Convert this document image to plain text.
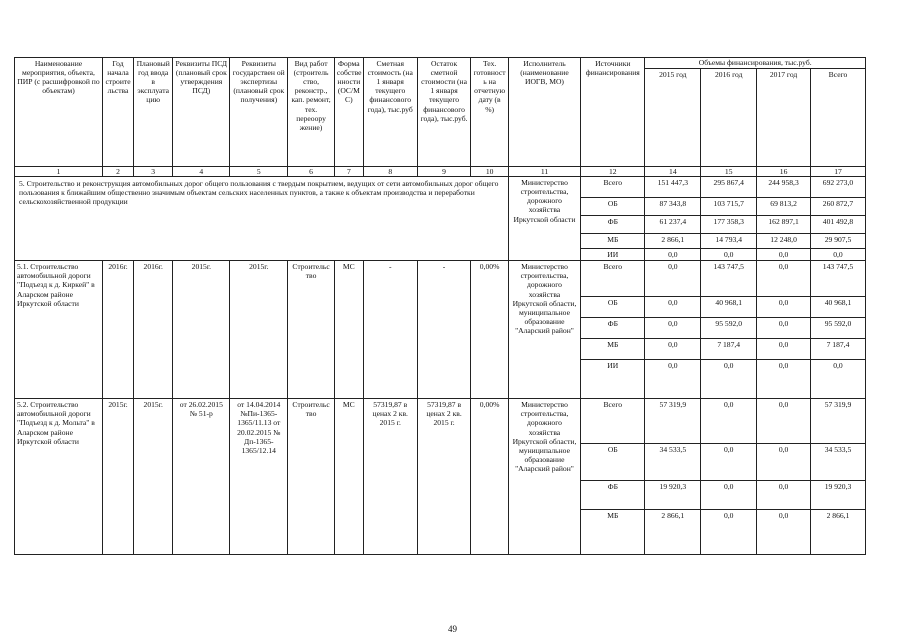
Наименование мероприятия, объекта, ПИР (с расшифровкой по объектам)	Год начала строите льства	Плановый год ввода в эксплуата цию	Реквизиты ПСД (плановый срок утверждения ПСД)	Реквизиты государствен ой экспертизы (плановый срок получения)	Вид работ (строитель ство, реконстр., кап. ремонт, тех. переоору жение)	Форма собстве нности (ОС/М С)	Сметная стоимость (на 1 января текущего финансового года), тыс.руб	Остаток сметной стоимости (на 1 января текущего финансового года), тыс.руб.	Тех. готовност ь на отчетную дату (в %)	Исполнитель (наименование ИОГВ, МО)	Источники финансирования	Объемы финансирования, тыс.руб.			
												2015 год	2016 год	2017 год	Всего
1	2	3	4	5	6	7	8	9	10	11	12	14	15	16	17
5. Строительство и реконструкция автомобильных дорог общего пользования с твердым покрытием, ведущих от сети автомобильных дорог общего пользования к ближайшим общественно значимым объектам сельских населенных пунктов, а также к объектам производства и переработки сельскохозяйственной продукции										Министерство строительства, дорожного хозяйства Иркутской области	Всего	151 447,3	295 867,4	244 958,3	692 273,0
											ОБ	87 343,8	103 715,7	69 813,2	260 872,7
											ФБ	61 237,4	177 358,3	162 897,1	401 492,8
											МБ	2 866,1	14 793,4	12 248,0	29 907,5
											ИИ	0,0	0,0	0,0	0,0
5.1. Строительство автомобильной дороги "Подъезд к д. Киркей" в Аларском районе Иркутской области	2016г.	2016г.	2015г.	2015г.	Строительс тво	МС	-	-	0,00%	Министерство строительства, дорожного хозяйства Иркутской области, муниципальное образование "Аларский район"	Всего	0,0	143 747,5	0,0	143 747,5
											ОБ	0,0	40 968,1	0,0	40 968,1
											ФБ	0,0	95 592,0	0,0	95 592,0
											МБ	0,0	7 187,4	0,0	7 187,4
											ИИ	0,0	0,0	0,0	0,0
5.2. Строительство автомобильной дороги "Подъезд к д. Мольта" в Аларском районе Иркутской области	2015г.	2015г.	от 26.02.2015 № 51-р	от 14.04.2014 №Пи-1365-1365/11.13 от 20.02.2015 № Дп-1365-1365/12.14	Строительс тво	МС	57319,87 в ценах 2 кв. 2015 г.	57319,87 в ценах 2 кв. 2015 г.	0,00%	Министерство строительства, дорожного хозяйства Иркутской области, муниципальное образование "Аларский район"	Всего	57 319,9	0,0	0,0	57 319,9
											ОБ	34 533,5	0,0	0,0	34 533,5
											ФБ	19 920,3	0,0	0,0	19 920,3
											МБ	2 866,1	0,0	0,0	2 866,1
49
